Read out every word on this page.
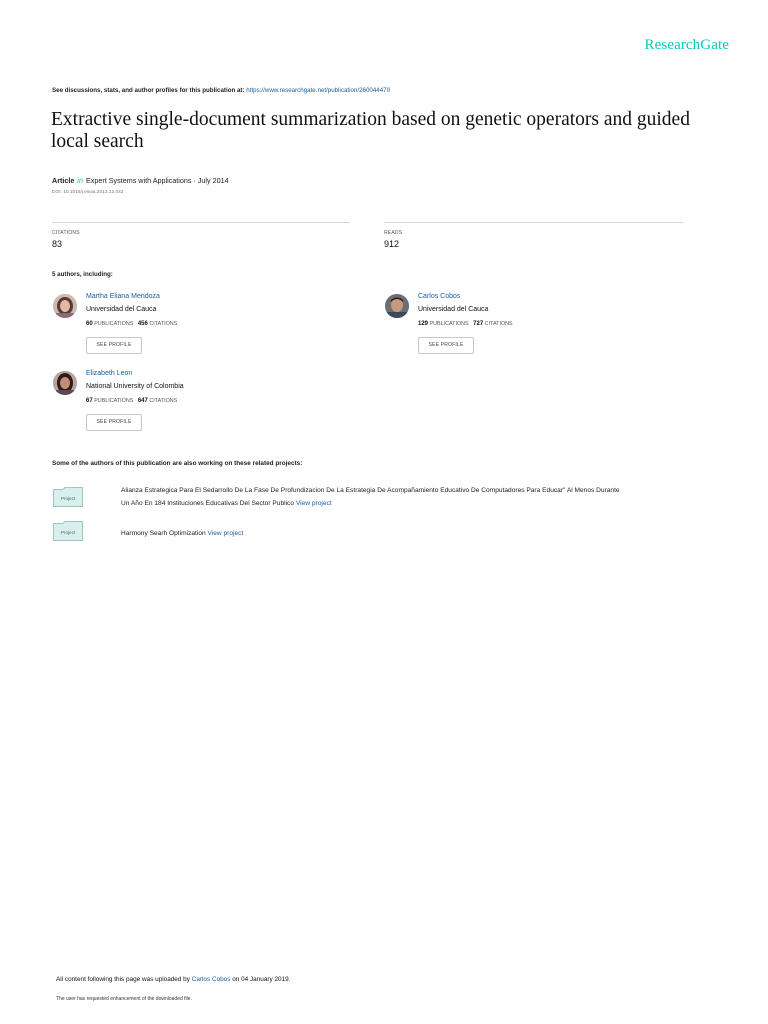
ResearchGate
See discussions, stats, and author profiles for this publication at: https://www.researchgate.net/publication/260044470
Extractive single-document summarization based on genetic operators and guided local search
Article in Expert Systems with Applications · July 2014
DOI: 10.1016/j.eswa.2013.12.042
CITATIONS
83
READS
912
5 authors, including:
Martha Eliana Mendoza
Universidad del Cauca
60 PUBLICATIONS 456 CITATIONS
SEE PROFILE
Carlos Cobos
Universidad del Cauca
129 PUBLICATIONS 727 CITATIONS
SEE PROFILE
Elizabeth Leon
National University of Colombia
67 PUBLICATIONS 647 CITATIONS
SEE PROFILE
Some of the authors of this publication are also working on these related projects:
Project
Alianza Estrategica Para El Sedarrollo De La Fase De Profundizacion De La Estrategia De Acompañamiento Educativo De Computadores Para Educar" Al Menos Durante
Un Año En 184 Instituciones Educativas Del Sector Publico View project
Project	Harmony Searh Optimization View project
All content following this page was uploaded by Carlos Cobos on 04 January 2019.
The user has requested enhancement of the downloaded file.
